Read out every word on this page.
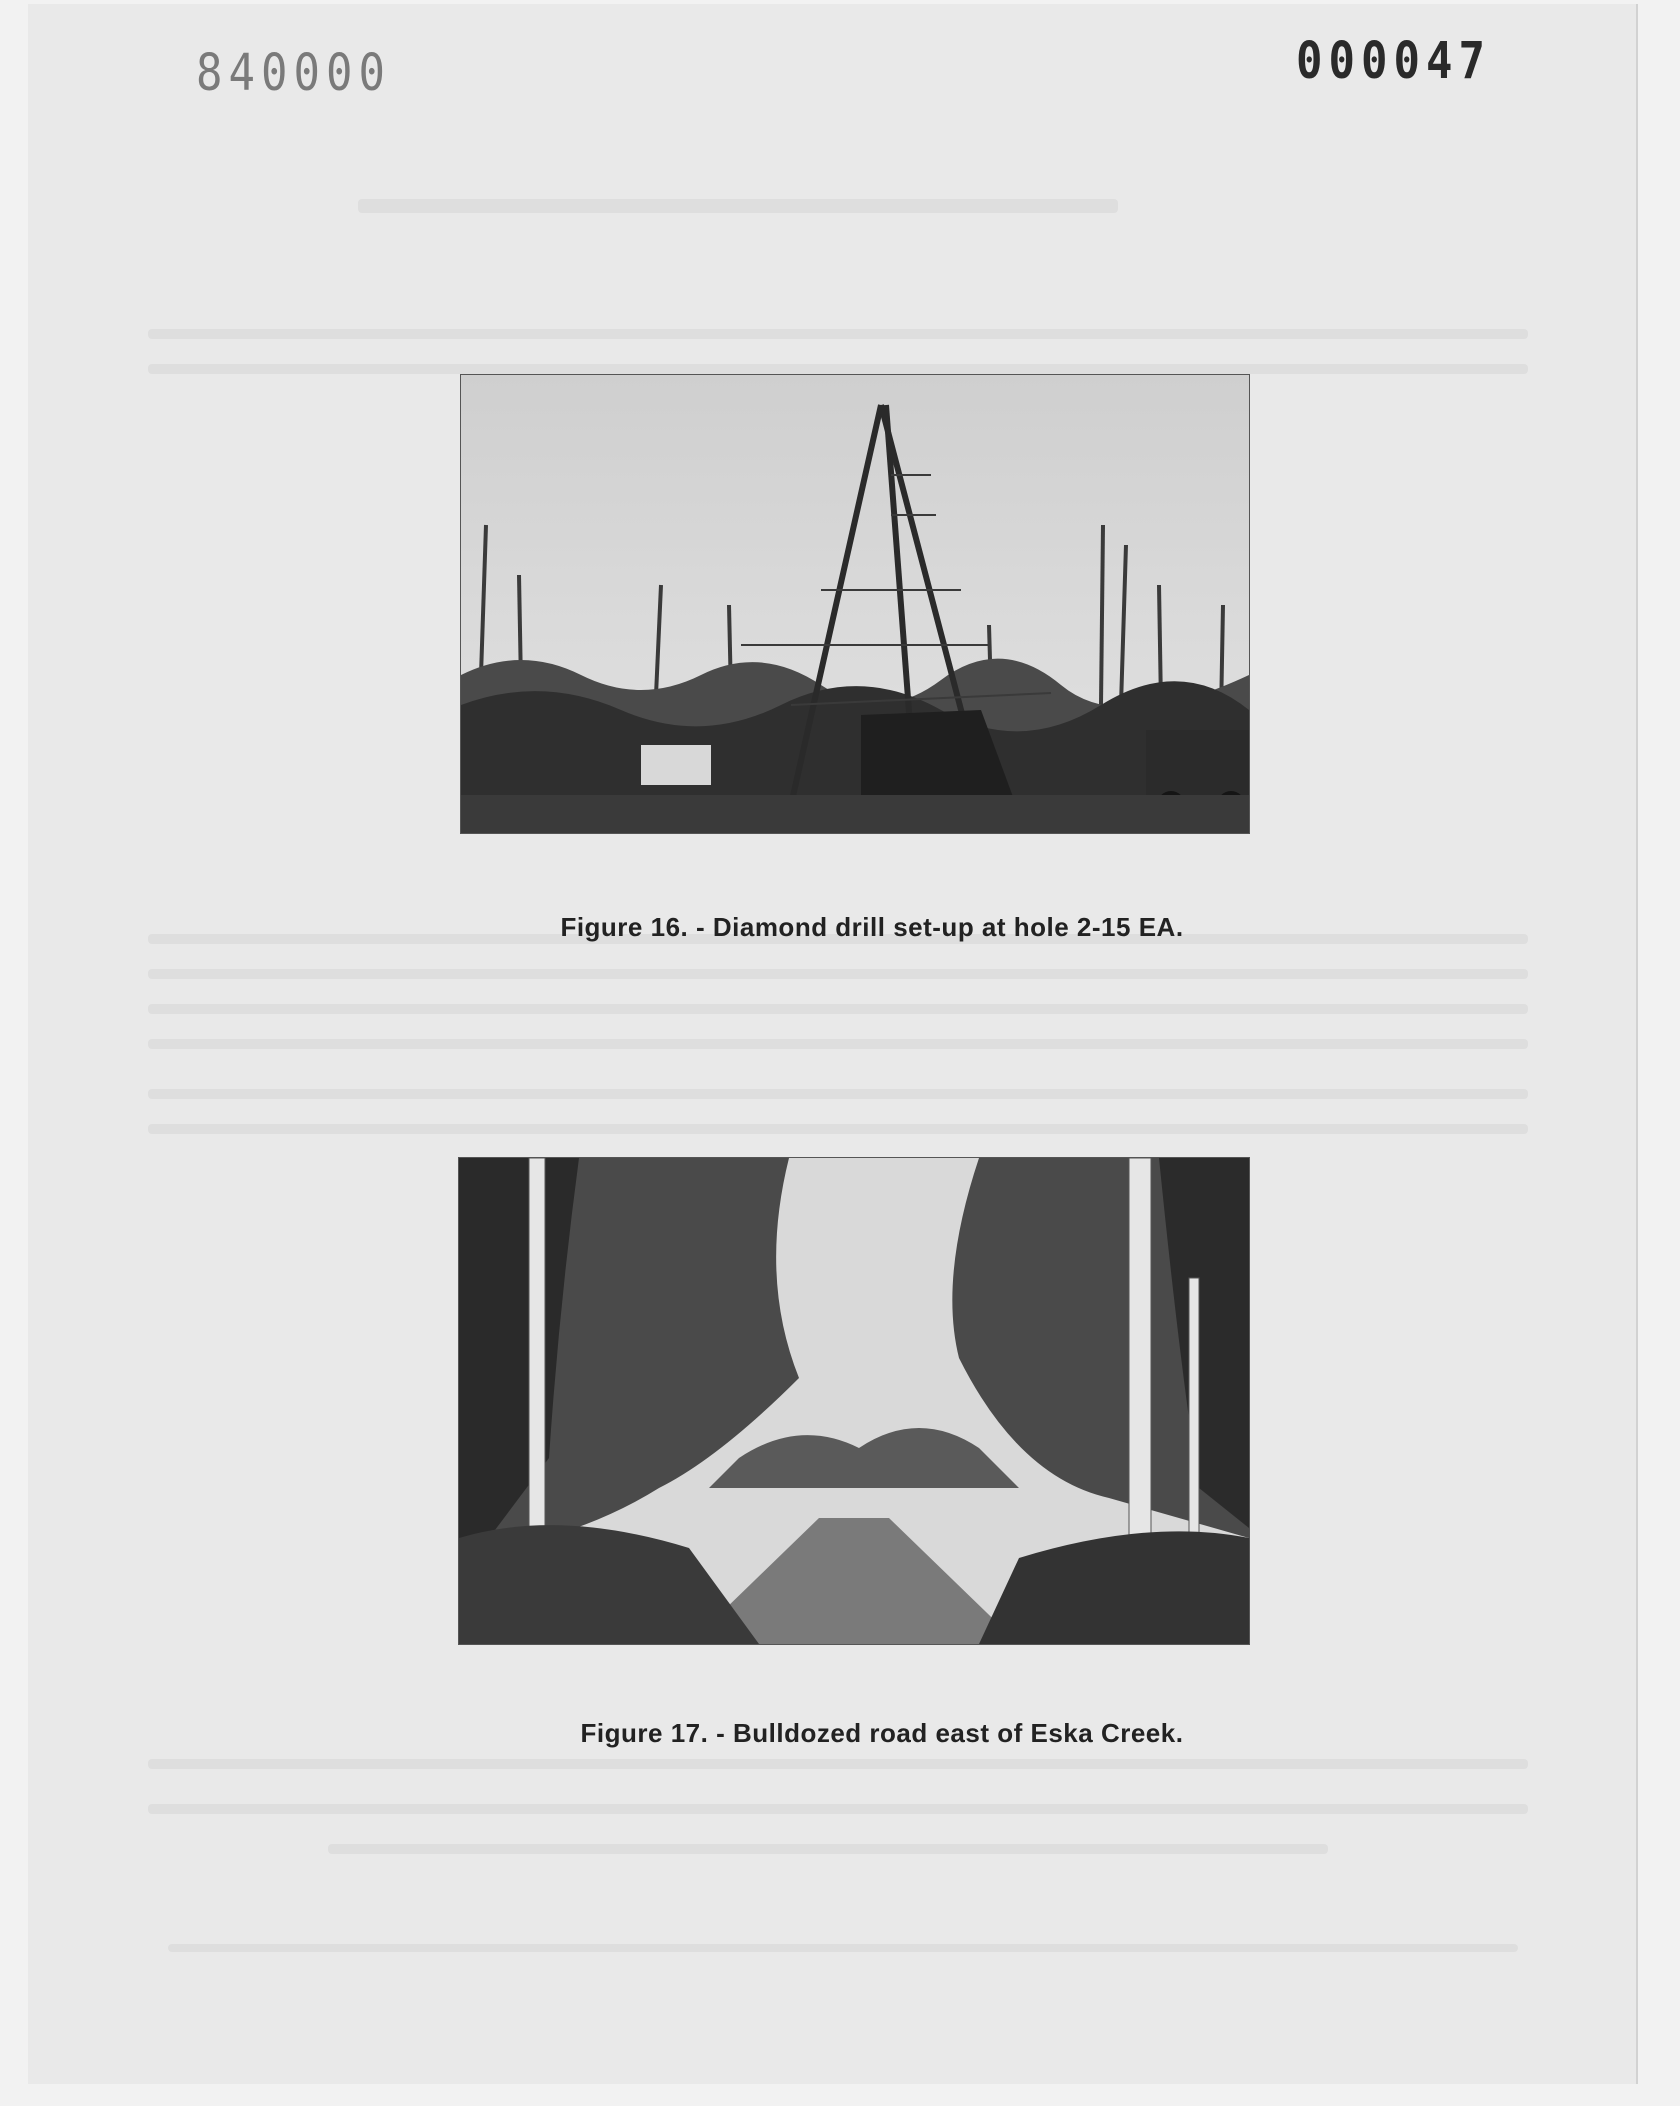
840000	000047
Figure 16. - Diamond drill set-up at hole 2-15 EA.
Figure 17. - Bulldozed road east of Eska Creek.
